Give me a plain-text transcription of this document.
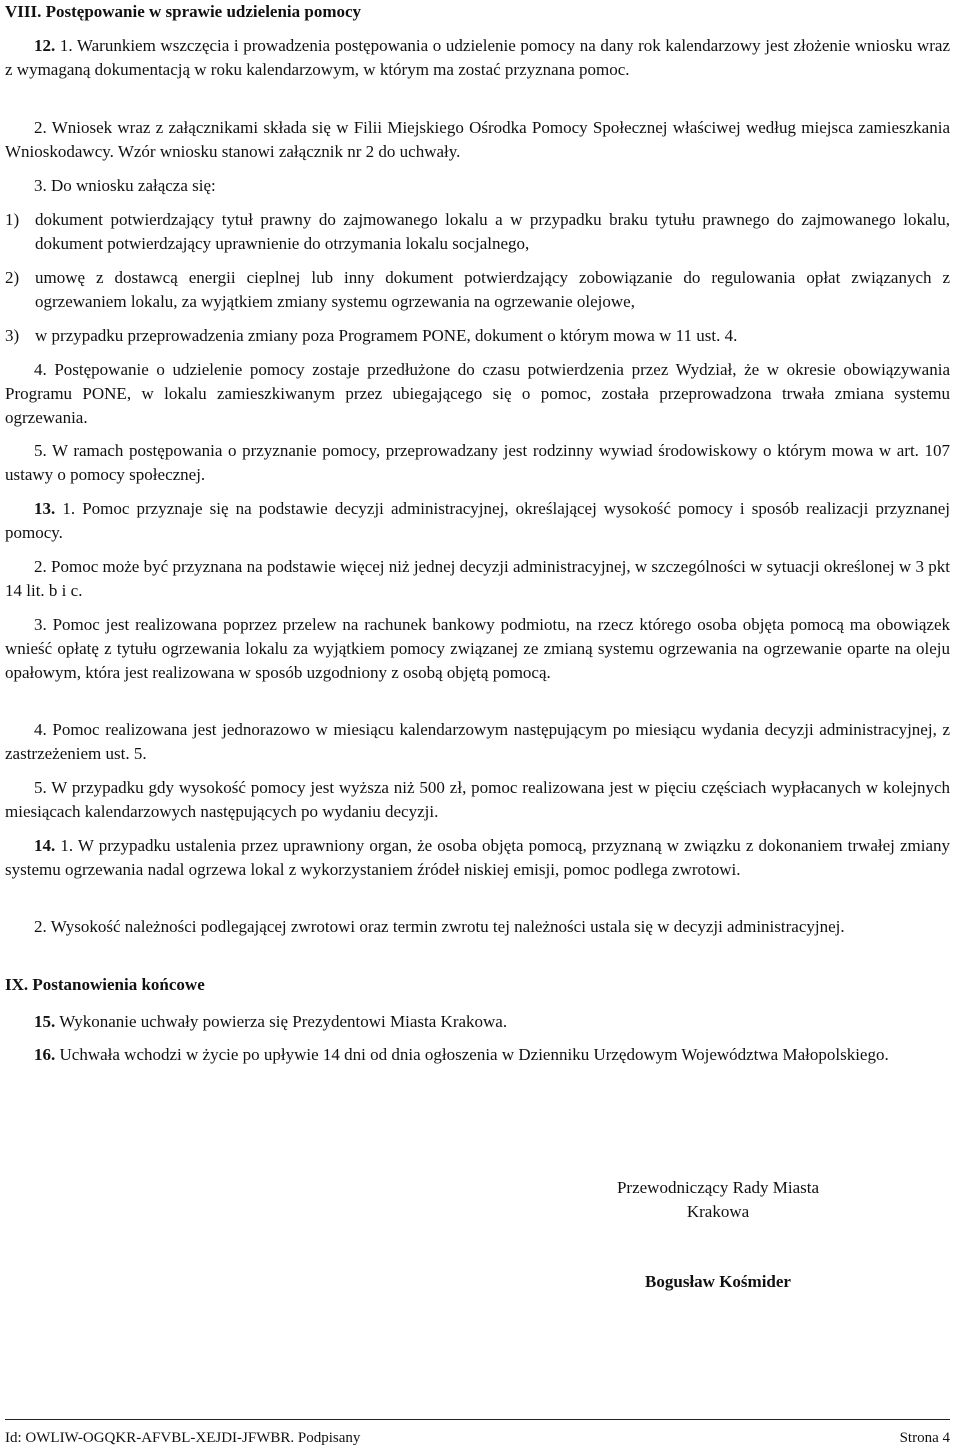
VIII. Postępowanie w sprawie udzielenia pomocy

12. 1. Warunkiem wszczęcia i prowadzenia postępowania o udzielenie pomocy na dany rok kalendarzowy jest złożenie wniosku wraz z wymaganą dokumentacją w roku kalendarzowym, w którym ma zostać przyznana pomoc.

2. Wniosek wraz z załącznikami składa się w Filii Miejskiego Ośrodka Pomocy Społecznej właściwej według miejsca zamieszkania Wnioskodawcy. Wzór wniosku stanowi załącznik nr 2 do uchwały.

3. Do wniosku załącza się:

1) dokument potwierdzający tytuł prawny do zajmowanego lokalu a w przypadku braku tytułu prawnego do zajmowanego lokalu, dokument potwierdzający uprawnienie do otrzymania lokalu socjalnego,

2) umowę z dostawcą energii cieplnej lub inny dokument potwierdzający zobowiązanie do regulowania opłat związanych z ogrzewaniem lokalu, za wyjątkiem zmiany systemu ogrzewania na ogrzewanie olejowe,

3) w przypadku przeprowadzenia zmiany poza Programem PONE, dokument o którym mowa w 11 ust. 4.

4. Postępowanie o udzielenie pomocy zostaje przedłużone do czasu potwierdzenia przez Wydział, że w okresie obowiązywania Programu PONE, w lokalu zamieszkiwanym przez ubiegającego się o pomoc, została przeprowadzona trwała zmiana systemu ogrzewania.

5. W ramach postępowania o przyznanie pomocy, przeprowadzany jest rodzinny wywiad środowiskowy o którym mowa w art. 107 ustawy o pomocy społecznej.

13. 1. Pomoc przyznaje się na podstawie decyzji administracyjnej, określającej wysokość pomocy i sposób realizacji przyznanej pomocy.

2. Pomoc może być przyznana na podstawie więcej niż jednej decyzji administracyjnej, w szczególności w sytuacji określonej w 3 pkt 14 lit. b i c.

3. Pomoc jest realizowana poprzez przelew na rachunek bankowy podmiotu, na rzecz którego osoba objęta pomocą ma obowiązek wnieść opłatę z tytułu ogrzewania lokalu za wyjątkiem pomocy związanej ze zmianą systemu ogrzewania na ogrzewanie oparte na oleju opałowym, która jest realizowana w sposób uzgodniony z osobą objętą pomocą.

4. Pomoc realizowana jest jednorazowo w miesiącu kalendarzowym następującym po miesiącu wydania decyzji administracyjnej, z zastrzeżeniem ust. 5.

5. W przypadku gdy wysokość pomocy jest wyższa niż 500 zł, pomoc realizowana jest w pięciu częściach wypłacanych w kolejnych miesiącach kalendarzowych następujących po wydaniu decyzji.

14. 1. W przypadku ustalenia przez uprawniony organ, że osoba objęta pomocą, przyznaną w związku z dokonaniem trwałej zmiany systemu ogrzewania nadal ogrzewa lokal z wykorzystaniem źródeł niskiej emisji, pomoc podlega zwrotowi.

2. Wysokość należności podlegającej zwrotowi oraz termin zwrotu tej należności ustala się w decyzji administracyjnej.

IX. Postanowienia końcowe

15. Wykonanie uchwały powierza się Prezydentowi Miasta Krakowa.

16. Uchwała wchodzi w życie po upływie 14 dni od dnia ogłoszenia w Dzienniku Urzędowym Województwa Małopolskiego.

Przewodniczący Rady Miasta
Krakowa
Bogusław Kośmider
Id: OWLIW-OGQKR-AFVBL-XEJDI-JFWBR. Podpisany	Strona 4
